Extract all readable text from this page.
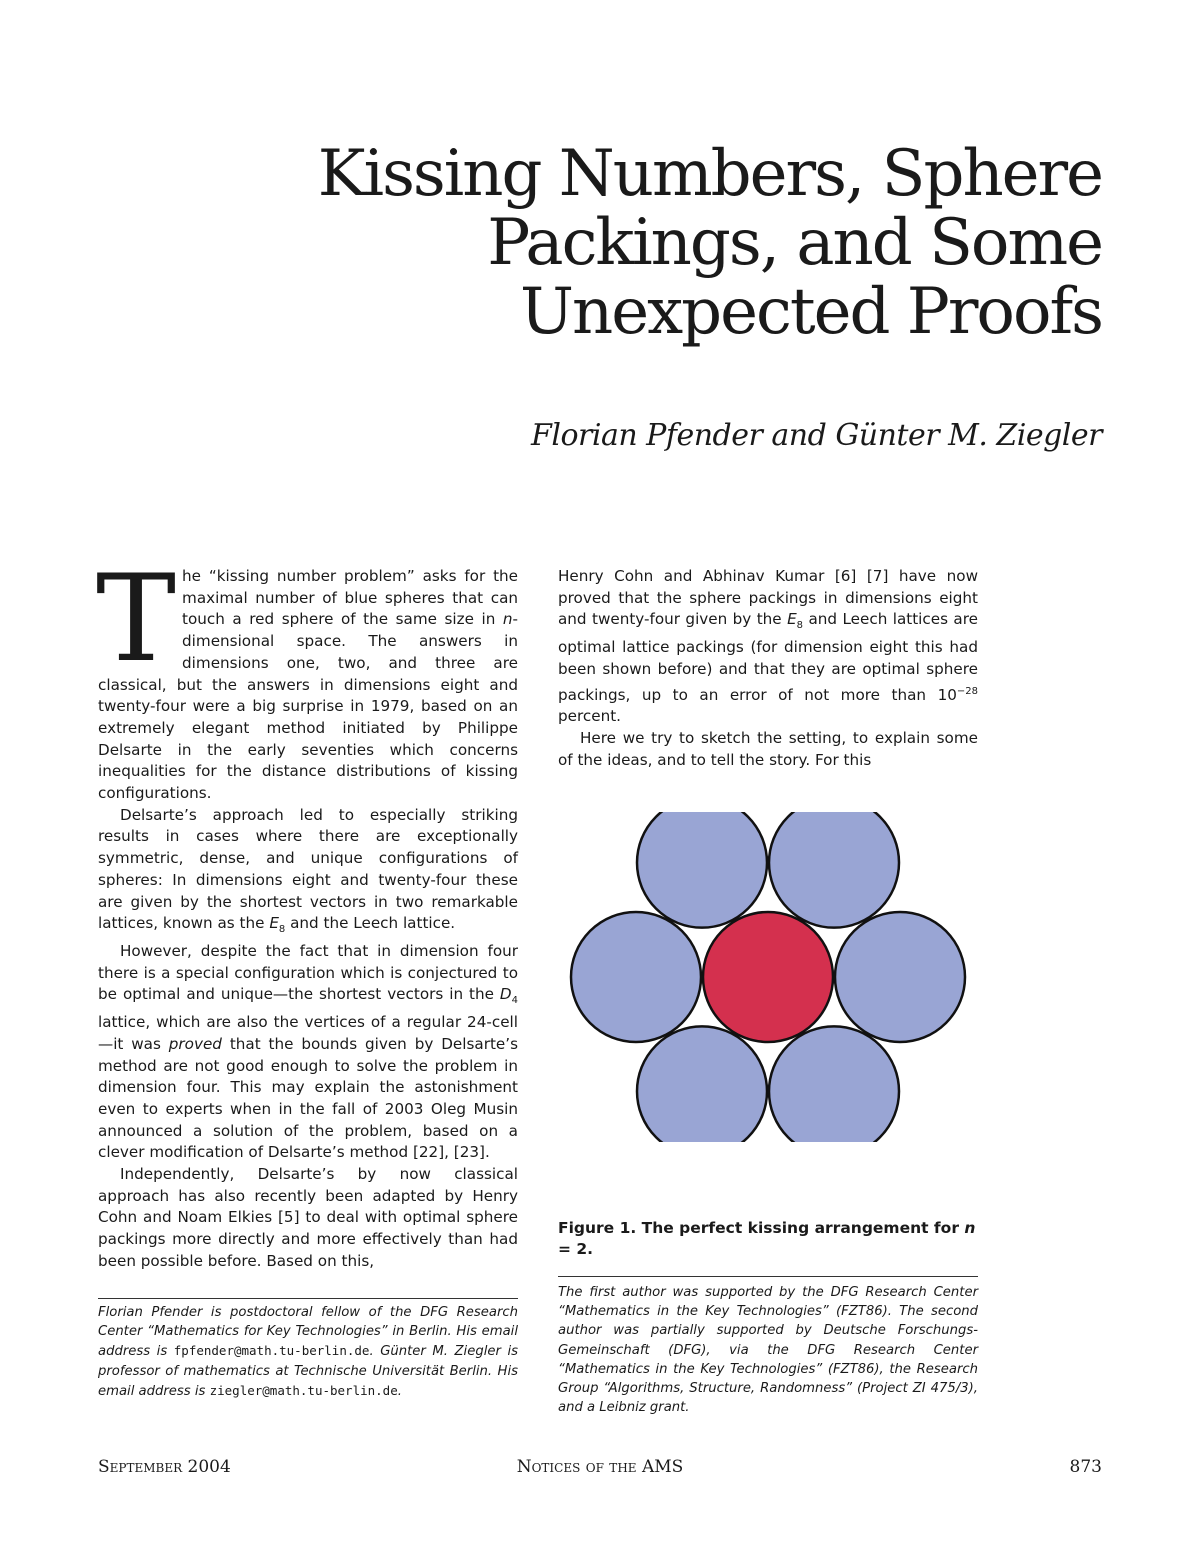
Kissing Numbers, Sphere
Packings, and Some
Unexpected Proofs

Florian Pfender and Günter M. Ziegler

The “kissing number problem” asks for the maximal number of blue spheres that can touch a red sphere of the same size in n-dimensional space. The answers in dimensions one, two, and three are classical, but the answers in dimensions eight and twenty-four were a big surprise in 1979, based on an extremely elegant method initiated by Philippe Delsarte in the early seventies which concerns inequalities for the distance distributions of kissing configurations.

Delsarte’s approach led to especially striking results in cases where there are exceptionally symmetric, dense, and unique configurations of spheres: In dimensions eight and twenty-four these are given by the shortest vectors in two remarkable lattices, known as the $E_8$ and the Leech lattice.

However, despite the fact that in dimension four there is a special configuration which is conjectured to be optimal and unique—the shortest vectors in the $D_4$ lattice, which are also the vertices of a regular 24-cell—it was proved that the bounds given by Delsarte’s method are not good enough to solve the problem in dimension four. This may explain the astonishment even to experts when in the fall of 2003 Oleg Musin announced a solution of the problem, based on a clever modification of Delsarte’s method [22], [23].

Independently, Delsarte’s by now classical approach has also recently been adapted by Henry Cohn and Noam Elkies [5] to deal with optimal sphere packings more directly and more effectively than had been possible before. Based on this,

Henry Cohn and Abhinav Kumar [6] [7] have now proved that the sphere packings in dimensions eight and twenty-four given by the $E_8$ and Leech lattices are optimal lattice packings (for dimension eight this had been shown before) and that they are optimal sphere packings, up to an error of not more than $10^{-28}$ percent.

Here we try to sketch the setting, to explain some of the ideas, and to tell the story. For this

Figure 1. The perfect kissing arrangement for n = 2.

Florian Pfender is postdoctoral fellow of the DFG Research Center “Mathematics for Key Technologies” in Berlin. His email address is fpfender@math.tu-berlin.de. Günter M. Ziegler is professor of mathematics at Technische Universität Berlin. His email address is ziegler@math.tu-berlin.de.

The first author was supported by the DFG Research Center “Mathematics in the Key Technologies” (FZT86). The second author was partially supported by Deutsche Forschungs-Gemeinschaft (DFG), via the DFG Research Center “Mathematics in the Key Technologies” (FZT86), the Research Group “Algorithms, Structure, Randomness” (Project ZI 475/3), and a Leibniz grant.

September 2004	Notices of the AMS	873
